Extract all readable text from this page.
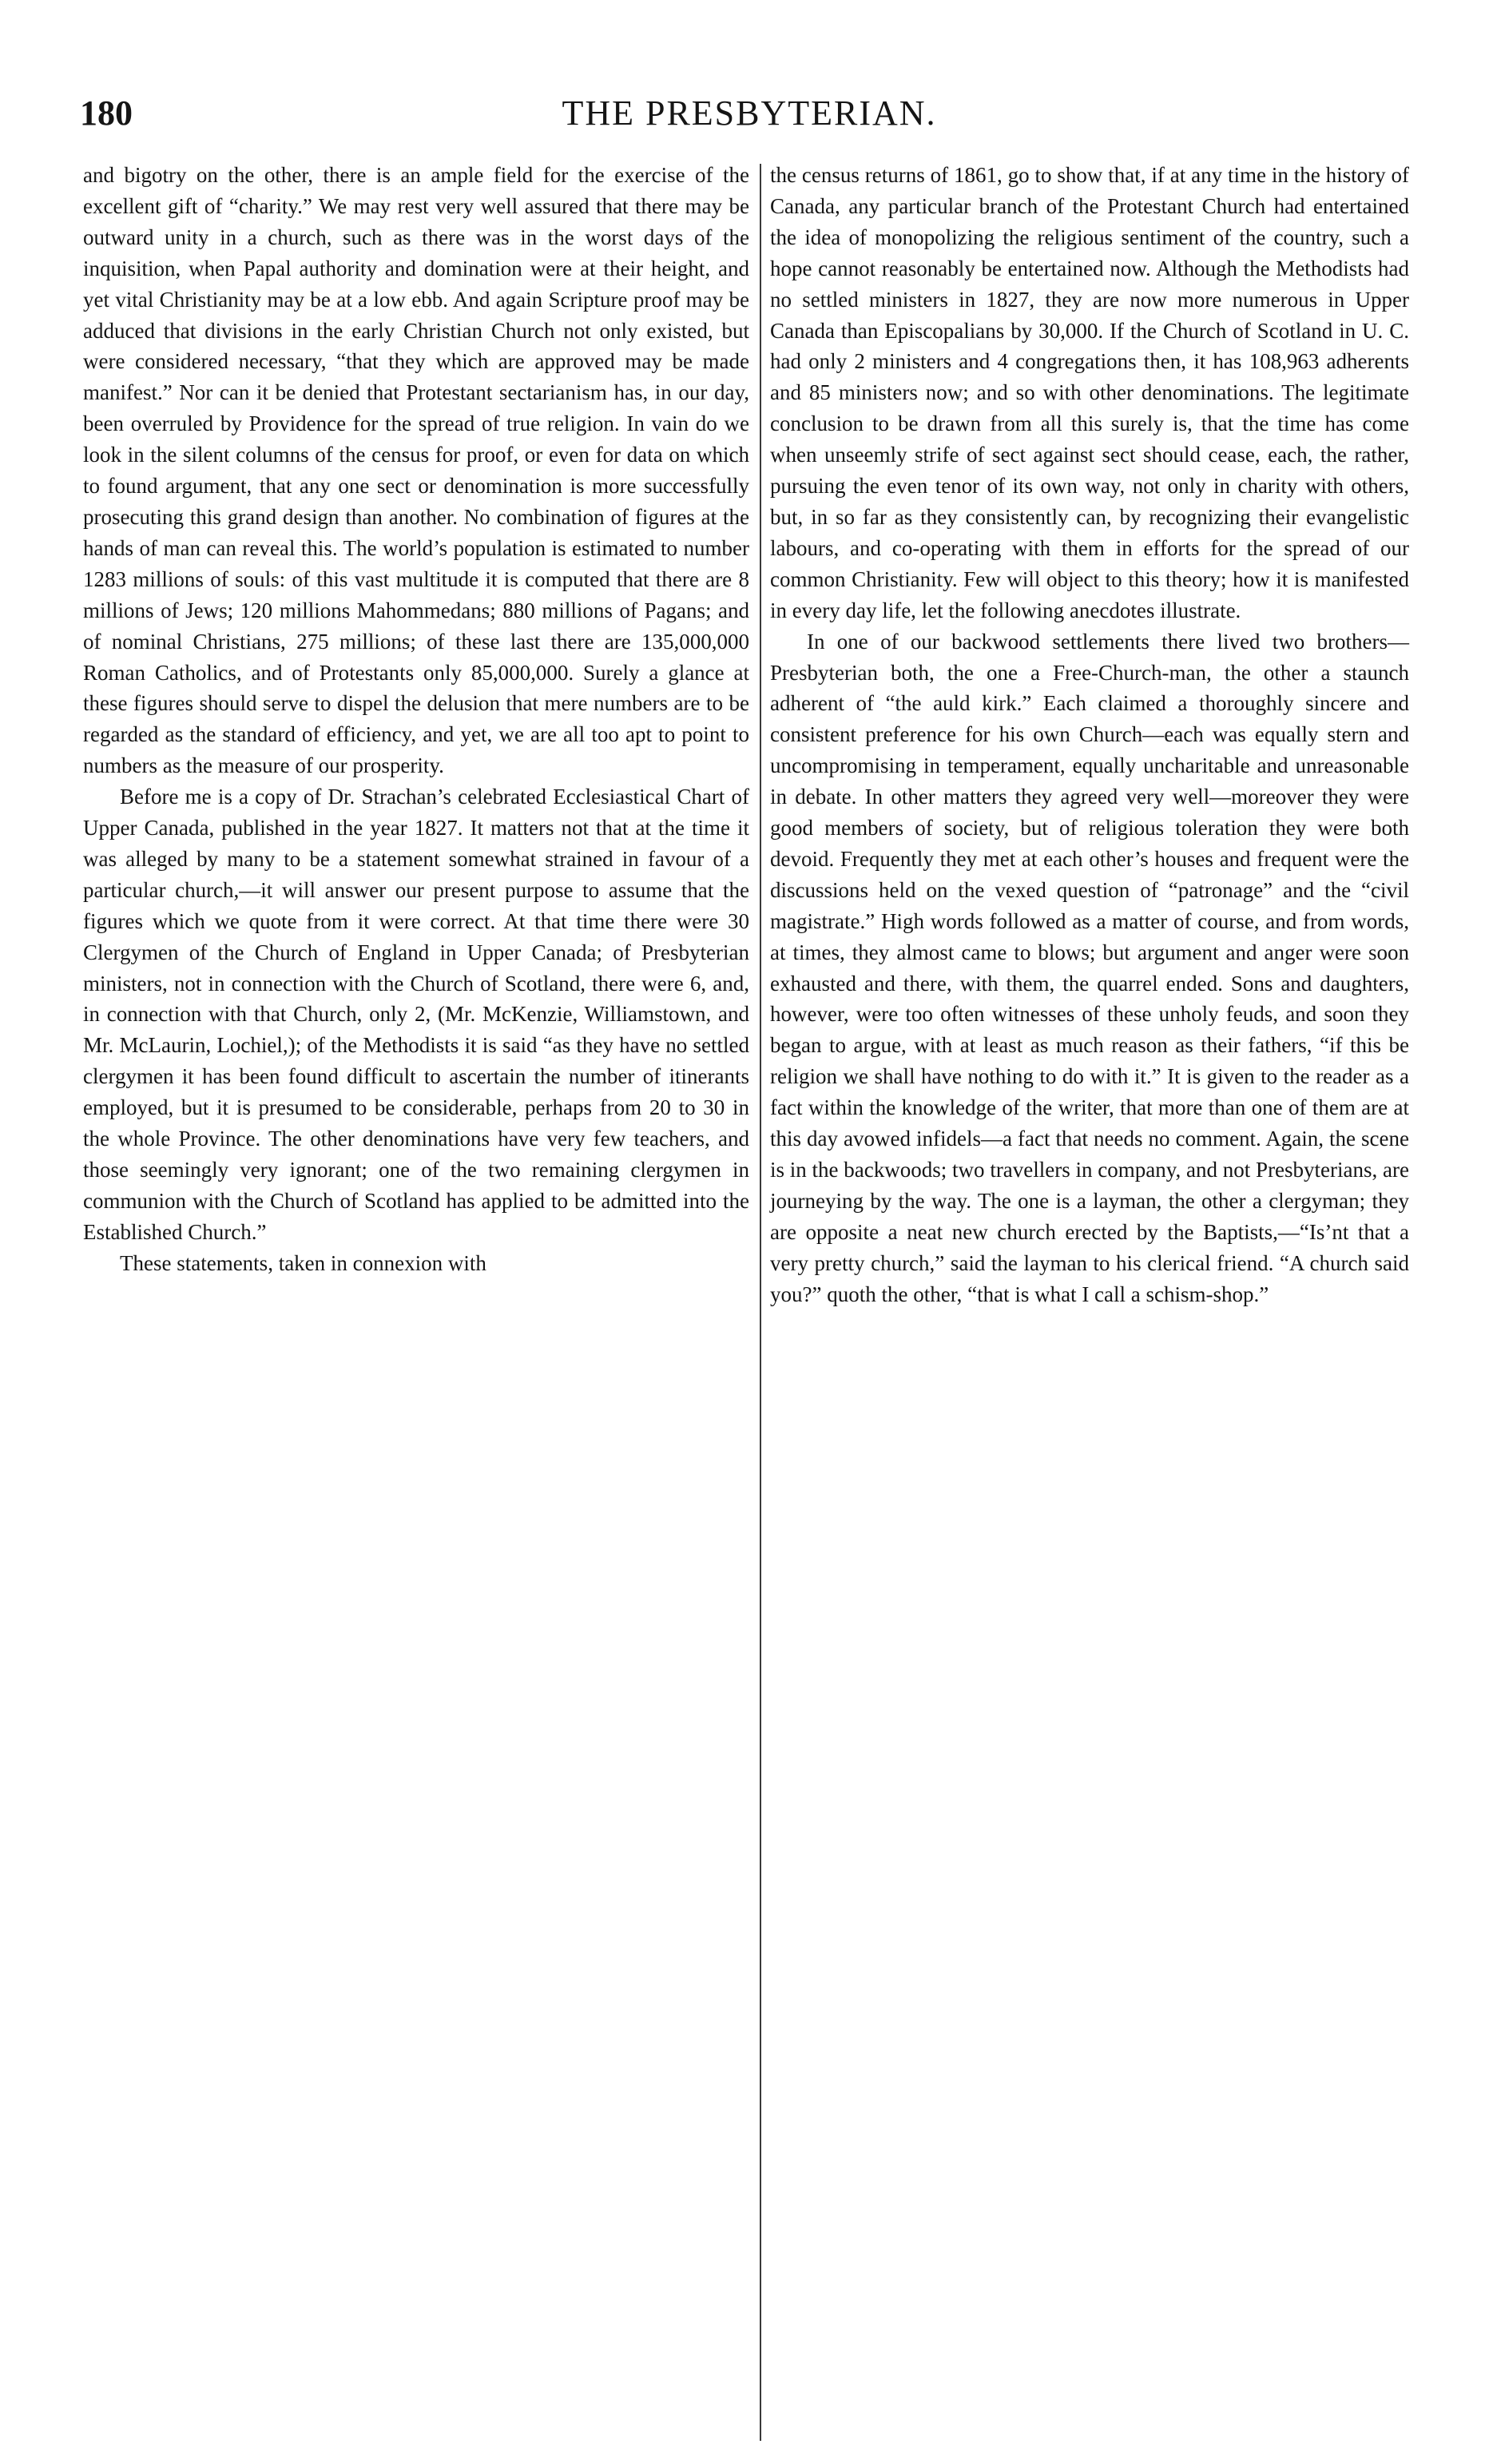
180	THE PRESBYTERIAN.

and bigotry on the other, there is an ample field for the exercise of the excellent gift of “charity.” We may rest very well assured that there may be outward unity in a church, such as there was in the worst days of the inquisition, when Papal authority and domination were at their height, and yet vital Christianity may be at a low ebb. And again Scripture proof may be adduced that divisions in the early Christian Church not only existed, but were considered necessary, “that they which are approved may be made manifest.” Nor can it be denied that Protestant sectarianism has, in our day, been overruled by Providence for the spread of true religion. In vain do we look in the silent columns of the census for proof, or even for data on which to found argument, that any one sect or denomination is more successfully prosecuting this grand design than another. No combination of figures at the hands of man can reveal this. The world’s population is estimated to number 1283 millions of souls: of this vast multitude it is computed that there are 8 millions of Jews; 120 millions Mahommedans; 880 millions of Pagans; and of nominal Christians, 275 millions; of these last there are 135,000,000 Roman Catholics, and of Protestants only 85,000,000. Surely a glance at these figures should serve to dispel the delusion that mere numbers are to be regarded as the standard of efficiency, and yet, we are all too apt to point to numbers as the measure of our prosperity.

Before me is a copy of Dr. Strachan’s celebrated Ecclesiastical Chart of Upper Canada, published in the year 1827. It matters not that at the time it was alleged by many to be a statement somewhat strained in favour of a particular church,—it will answer our present purpose to assume that the figures which we quote from it were correct. At that time there were 30 Clergymen of the Church of England in Upper Canada; of Presbyterian ministers, not in connection with the Church of Scotland, there were 6, and, in connection with that Church, only 2, (Mr. McKenzie, Williamstown, and Mr. McLaurin, Lochiel,); of the Methodists it is said “as they have no settled clergymen it has been found difficult to ascertain the number of itinerants employed, but it is presumed to be considerable, perhaps from 20 to 30 in the whole Province. The other denominations have very few teachers, and those seemingly very ignorant; one of the two remaining clergymen in communion with the Church of Scotland has applied to be admitted into the Established Church.”

These statements, taken in connexion with

the census returns of 1861, go to show that, if at any time in the history of Canada, any particular branch of the Protestant Church had entertained the idea of monopolizing the religious sentiment of the country, such a hope cannot reasonably be entertained now. Although the Methodists had no settled ministers in 1827, they are now more numerous in Upper Canada than Episcopalians by 30,000. If the Church of Scotland in U. C. had only 2 ministers and 4 congregations then, it has 108,963 adherents and 85 ministers now; and so with other denominations. The legitimate conclusion to be drawn from all this surely is, that the time has come when unseemly strife of sect against sect should cease, each, the rather, pursuing the even tenor of its own way, not only in charity with others, but, in so far as they consistently can, by recognizing their evangelistic labours, and co-operating with them in efforts for the spread of our common Christianity. Few will object to this theory; how it is manifested in every day life, let the following anecdotes illustrate.

In one of our backwood settlements there lived two brothers—Presbyterian both, the one a Free-Church-man, the other a staunch adherent of “the auld kirk.” Each claimed a thoroughly sincere and consistent preference for his own Church—each was equally stern and uncompromising in temperament, equally uncharitable and unreasonable in debate. In other matters they agreed very well—moreover they were good members of society, but of religious toleration they were both devoid. Frequently they met at each other’s houses and frequent were the discussions held on the vexed question of “patronage” and the “civil magistrate.” High words followed as a matter of course, and from words, at times, they almost came to blows; but argument and anger were soon exhausted and there, with them, the quarrel ended. Sons and daughters, however, were too often witnesses of these unholy feuds, and soon they began to argue, with at least as much reason as their fathers, “if this be religion we shall have nothing to do with it.” It is given to the reader as a fact within the knowledge of the writer, that more than one of them are at this day avowed infidels—a fact that needs no comment. Again, the scene is in the backwoods; two travellers in company, and not Presbyterians, are journeying by the way. The one is a layman, the other a clergyman; they are opposite a neat new church erected by the Baptists,—“Is’nt that a very pretty church,” said the layman to his clerical friend. “A church said you?” quoth the other, “that is what I call a schism-shop.”
